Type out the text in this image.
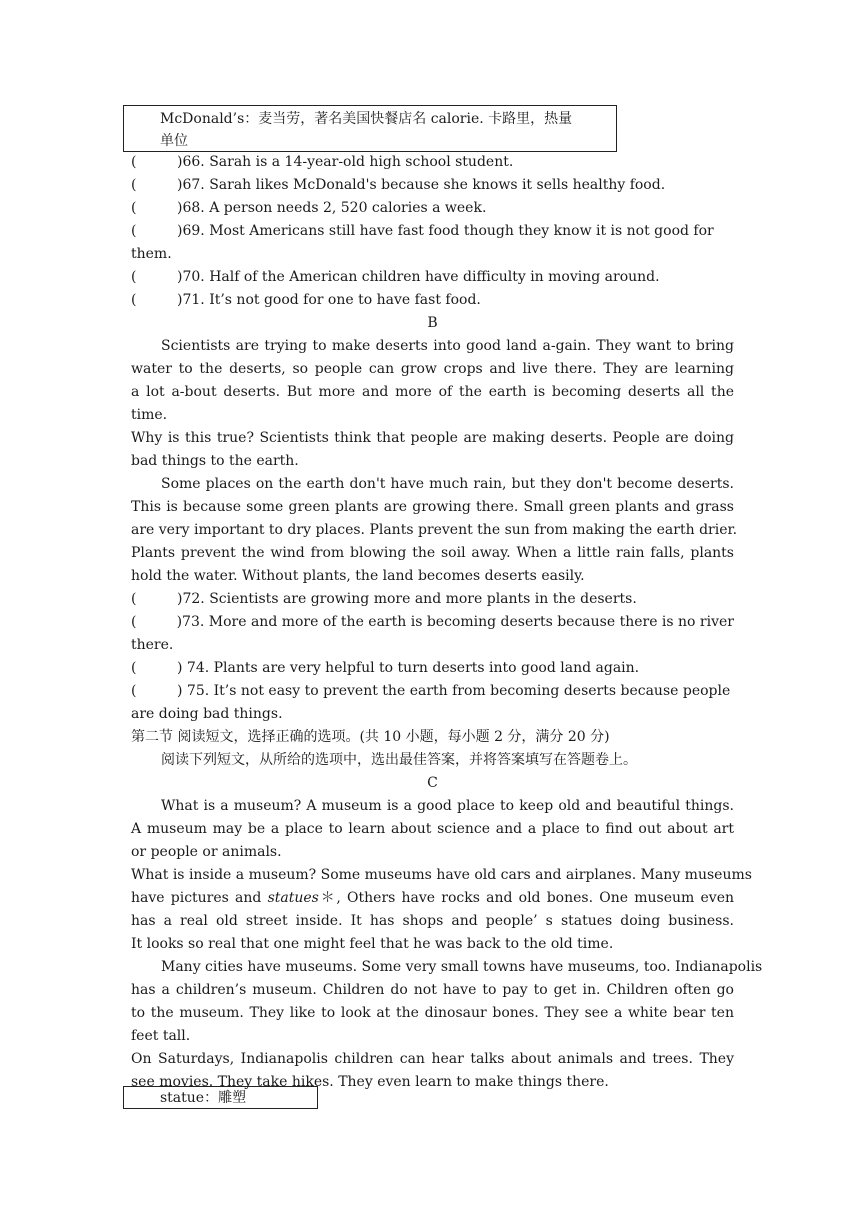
McDonald’s：麦当劳，著名美国快餐店名 calorie. 卡路里，热量
单位
(	)66.
Sarah is a 14-year-old high school student.
(	)67.
Sarah likes McDonald's because she knows it sells healthy food.
(	)68.
A person needs 2, 520 calories a week.
(	)69.
Most Americans still have fast food though they know it is not good for
them.
(	)70.
Half of the American children have difficulty in moving around.
(	)71.
It’s not good for one to have fast food.
B
Scientists are trying to make deserts into good land a-gain. They want to bring
water to the deserts, so people can grow crops and live there. They are learning
a lot a-bout deserts. But more and more of the earth is becoming deserts all the
time.
Why is this true? Scientists think that people are making deserts. People are doing
bad things to the earth.
Some places on the earth don't have much rain, but they don't become deserts.
This is because some green plants are growing there. Small green plants and grass
are very important to dry places. Plants prevent the sun from making the earth drier.
Plants prevent the wind from blowing the soil away. When a little rain falls, plants
hold the water. Without plants, the land becomes deserts easily.
(	)72.
Scientists are growing more and more plants in the deserts.
(	)73.
More and more of the earth is becoming deserts because there is no river
there.
(	) 74.
Plants are very helpful to turn deserts into good land again.
(	) 75.
It’s not easy to prevent the earth from becoming deserts because people
are doing bad things.
第二节 阅读短文，选择正确的选项。(共 10 小题，每小题 2 分，满分 20 分)
阅读下列短文，从所给的选项中，选出最佳答案，并将答案填写在答题卷上。
C
What is a museum? A museum is a good place to keep old and beautiful things.
A museum may be a place to learn about science and a place to find out about art
or people or animals.
What is inside a museum? Some museums have old cars and airplanes. Many museums
have pictures and statues＊, Others have rocks and old bones. One museum even
has a real old street inside. It has shops and people’ s statues doing business.
It looks so real that one might feel that he was back to the old time.
Many cities have museums. Some very small towns have museums, too. Indianapolis
has a children’s museum. Children do not have to pay to get in. Children often go
to the museum. They like to look at the dinosaur bones. They see a white bear ten
feet tall.
On Saturdays, Indianapolis children can hear talks about animals and trees. They
see movies. They take hikes. They even learn to make things there.
statue：雕塑
